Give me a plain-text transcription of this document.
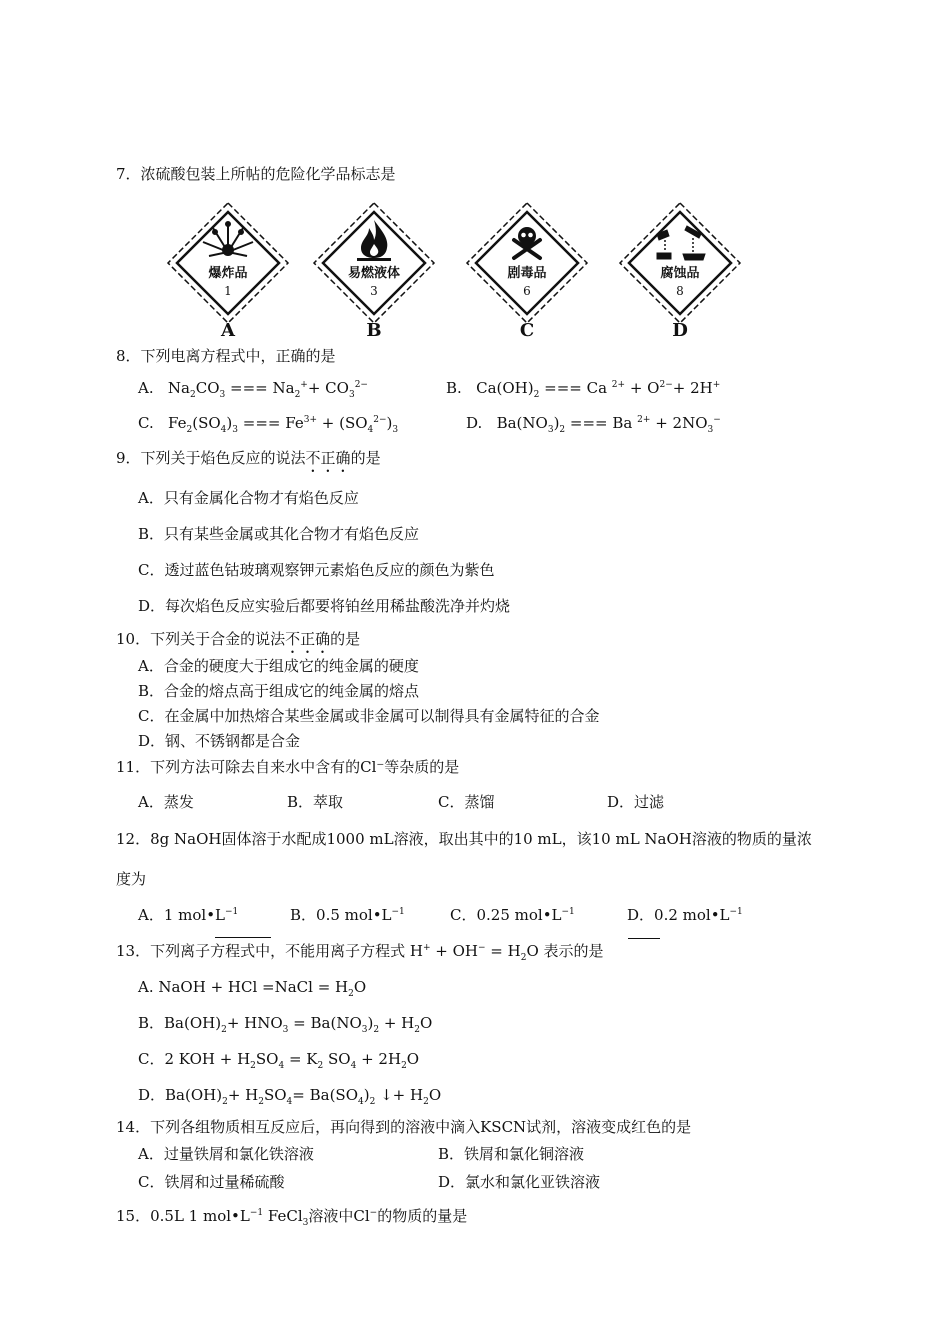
7．浓硫酸包装上所帖的危险化学品标志是
爆炸品
1
易燃液体
3
剧毒品
6
腐蚀品
8
A	B	C	D
8．下列电离方程式中，正确的是
A. $Na_2CO_3$ === $Na_2^++ CO_3^{2-}$	B. $Ca(OH)_2$ === Ca $^{2+} + O^{2-}+ 2H^+$
C. $Fe_2(SO_4)_3$ === $Fe^{3+} + (SO_4^{2-})_3$	D. $Ba(NO_3)_2$ === Ba $^{2+} + 2NO_3^-$
9．下列关于焰色反应的说法不正确的是
A．只有金属化合物才有焰色反应
B．只有某些金属或其化合物才有焰色反应
C．透过蓝色钴玻璃观察钾元素焰色反应的颜色为紫色
D．每次焰色反应实验后都要将铂丝用稀盐酸洗净并灼烧
10．下列关于合金的说法不正确的是
A．合金的硬度大于组成它的纯金属的硬度
B．合金的熔点高于组成它的纯金属的熔点
C．在金属中加热熔合某些金属或非金属可以制得具有金属特征的合金
D．钢、不锈钢都是合金
11．下列方法可除去自来水中含有的Cl⁻等杂质的是
A．蒸发	B．萃取	C．蒸馏	D．过滤
12．8g NaOH固体溶于水配成1000 mL溶液，取出其中的10 mL，该10 mL NaOH溶液的物质的量浓
度为
A．1 $mol•L^{-1}$	B．0.5 $mol•L^{-1}$	C．0.25 $mol•L^{-1}$	D．0.2 $mol•L^{-1}$
13．下列离子方程式中，不能用离子方程式 $H^+ + OH^- = H_2O$ 表示的是
A. NaOH + HCl =NaCl = $H_2O$
B．$Ba(OH)_2+ HNO_3 = Ba(NO_3)_2 + H_2O$
C．2 KOH + $H_2SO_4 = K_2$ $SO_4 + 2H_2O$
D．$Ba(OH)_2+ H_2SO_4= Ba(SO_4)_2$ ↓+ $H_2O$
14．下列各组物质相互反应后，再向得到的溶液中滴入KSCN试剂，溶液变成红色的是
A．过量铁屑和氯化铁溶液	B．铁屑和氯化铜溶液
C．铁屑和过量稀硫酸	D．氯水和氯化亚铁溶液
15．0.5L 1 $mol•L^{-1}$ FeCl$_3$溶液中Cl−的物质的量是
